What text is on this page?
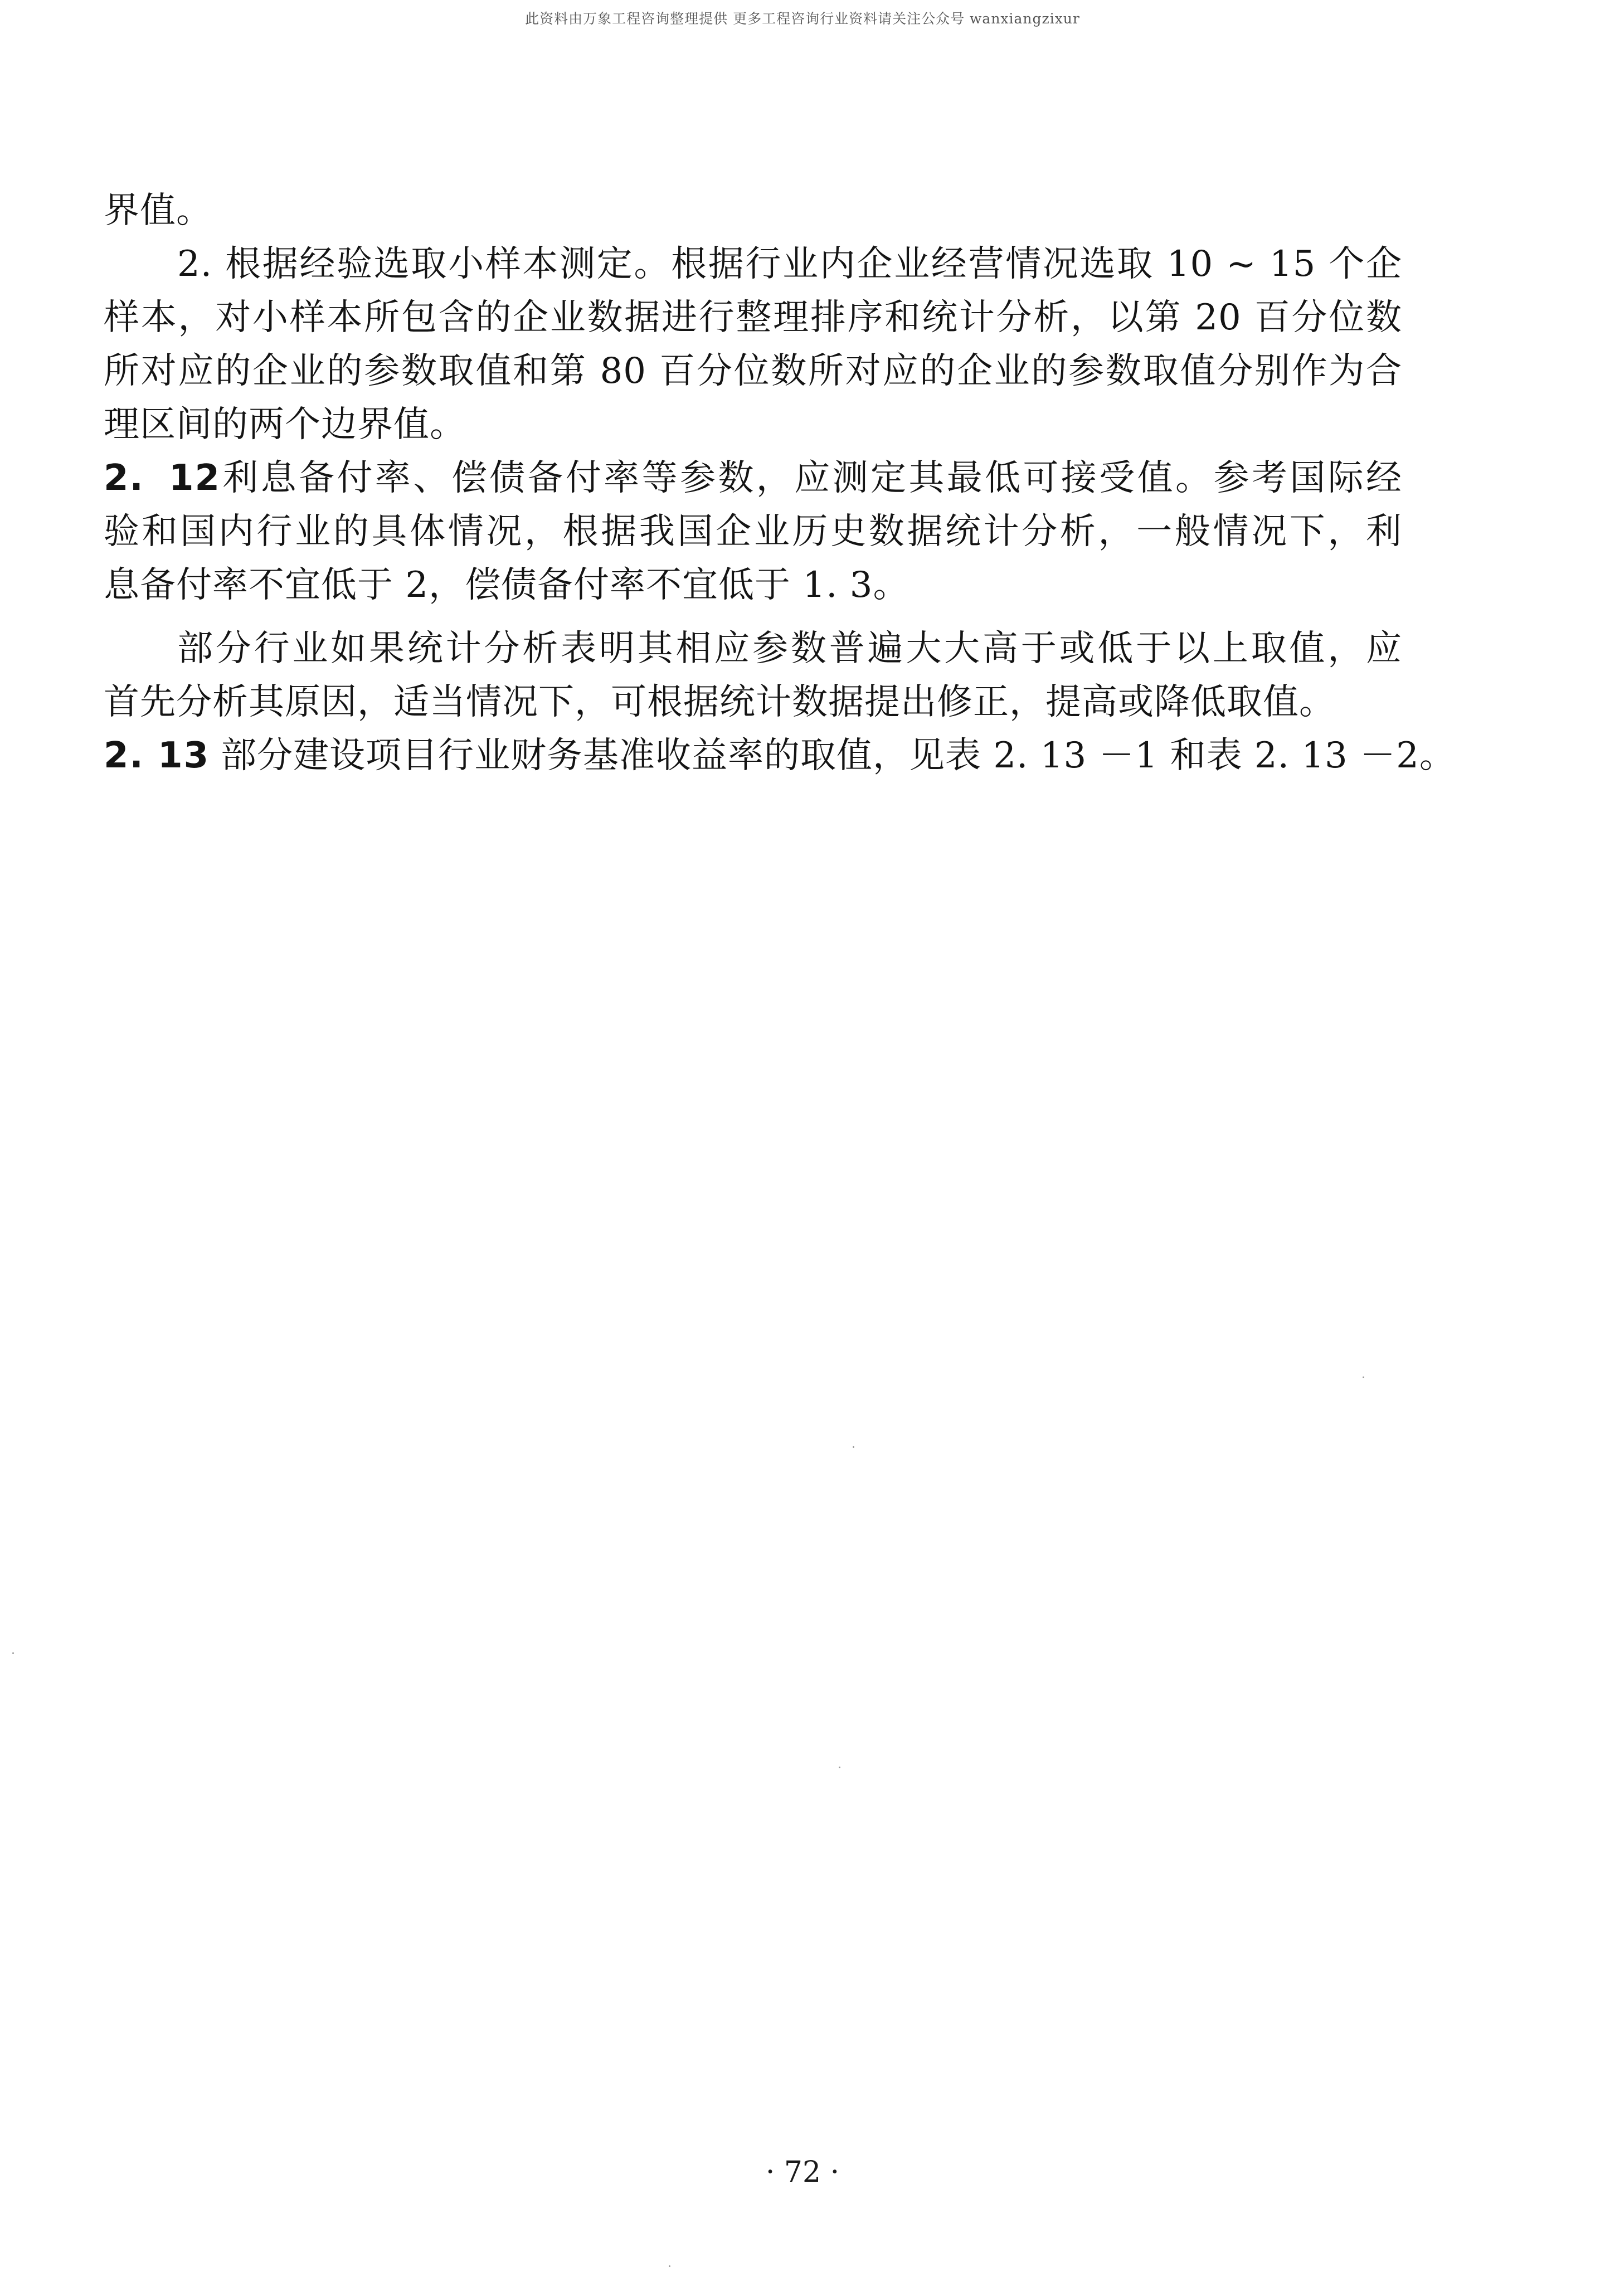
此资料由万象工程咨询整理提供 更多工程咨询行业资料请关注公众号 wanxiangzixur
界值。
2. 根据经验选取小样本测定。根据行业内企业经营情况选取 10 ~ 15 个企
样本，对小样本所包含的企业数据进行整理排序和统计分析，以第 20 百分位数
所对应的企业的参数取值和第 80 百分位数所对应的企业的参数取值分别作为合
理区间的两个边界值。
2. 12利息备付率、偿债备付率等参数，应测定其最低可接受值。参考国际经
验和国内行业的具体情况，根据我国企业历史数据统计分析，一般情况下，利
息备付率不宜低于 2，偿债备付率不宜低于 1. 3。
部分行业如果统计分析表明其相应参数普遍大大高于或低于以上取值，应
首先分析其原因，适当情况下，可根据统计数据提出修正，提高或降低取值。
2. 13 部分建设项目行业财务基准收益率的取值，见表 2. 13 －1 和表 2. 13 －2。
· 72 ·
